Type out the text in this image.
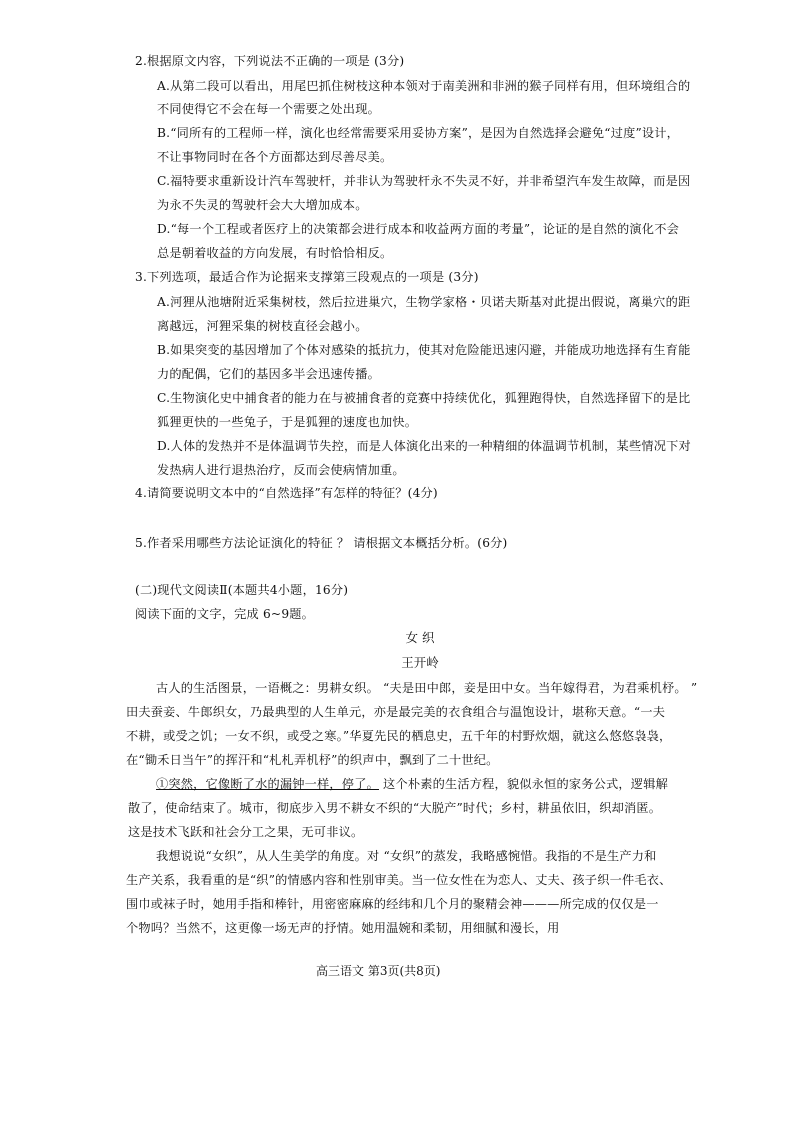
2.根据原文内容，下列说法不正确的一项是 (3分)
A.从第二段可以看出，用尾巴抓住树枝这种本领对于南美洲和非洲的猴子同样有用，但环境组合的
不同使得它不会在每一个需要之处出现。
B.“同所有的工程师一样，演化也经常需要采用妥协方案”，是因为自然选择会避免“过度”设计，
不让事物同时在各个方面都达到尽善尽美。
C.福特要求重新设计汽车驾驶杆，并非认为驾驶杆永不失灵不好，并非希望汽车发生故障，而是因
为永不失灵的驾驶杆会大大增加成本。
D.“每一个工程或者医疗上的决策都会进行成本和收益两方面的考量”，论证的是自然的演化不会
总是朝着收益的方向发展，有时恰恰相反。
3.下列选项，最适合作为论据来支撑第三段观点的一项是 (3分)
A.河狸从池塘附近采集树枝，然后拉进巢穴，生物学家格・贝诺夫斯基对此提出假说，离巢穴的距
离越远，河狸采集的树枝直径会越小。
B.如果突变的基因增加了个体对感染的抵抗力，使其对危险能迅速闪避，并能成功地选择有生育能
力的配偶，它们的基因多半会迅速传播。
C.生物演化史中捕食者的能力在与被捕食者的竞赛中持续优化，狐狸跑得快，自然选择留下的是比
狐狸更快的一些兔子，于是狐狸的速度也加快。
D.人体的发热并不是体温调节失控，而是人体演化出来的一种精细的体温调节机制，某些情况下对
发热病人进行退热治疗，反而会使病情加重。
4.请简要说明文本中的“自然选择”有怎样的特征？(4分)
5.作者采用哪些方法论证演化的特征 ？ 请根据文本概括分析。(6分)
(二)现代文阅读Ⅱ(本题共4小题，16分)
阅读下面的文字，完成 6~9题。
女 织
王开岭
古人的生活图景，一语概之：男耕女织。 “夫是田中郎，妾是田中女。当年嫁得君，为君乘机杼。 ”
田夫蚕妾、牛郎织女，乃最典型的人生单元，亦是最完美的衣食组合与温饱设计，堪称天意。“一夫
不耕，或受之饥；一女不织，或受之寒。”华夏先民的栖息史，五千年的村野炊烟，就这么悠悠袅袅，
在“锄禾日当午”的挥汗和“札札弄机杼”的织声中，飘到了二十世纪。
①突然，它像断了水的漏钟一样，停了。 这个朴素的生活方程，貌似永恒的家务公式，逻辑解
散了，使命结束了。城市，彻底步入男不耕女不织的“大脱产”时代；乡村，耕虽依旧，织却消匿。
这是技术飞跃和社会分工之果，无可非议。
我想说说“女织”，从人生美学的角度。对 “女织”的蒸发，我略感惋惜。我指的不是生产力和
生产关系，我看重的是“织”的情感内容和性别审美。当一位女性在为恋人、丈夫、孩子织一件毛衣、
围巾或袜子时，她用手指和棒针，用密密麻麻的经纬和几个月的聚精会神———所完成的仅仅是一
个物吗？当然不，这更像一场无声的抒情。她用温婉和柔韧，用细腻和漫长，用
高三语文 第3页(共8页)
